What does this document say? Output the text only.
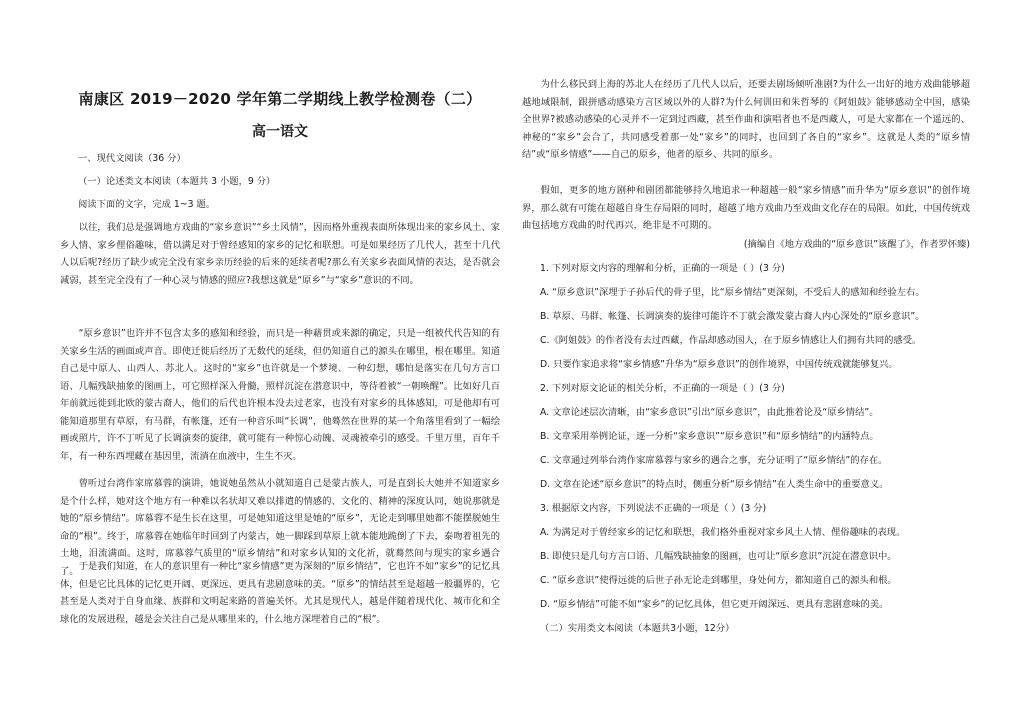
南康区 2019－2020 学年第二学期线上教学检测卷（二）
高一语文

一、现代文阅读（36 分）

（一）论述类文本阅读（本题共 3 小题，9 分）

阅读下面的文字，完成 1~3 题。

以往，我们总是强调地方戏曲的“家乡意识”“乡土风情”，因而格外重视表面所体现出来的家乡风土、家乡人情、家乡俚俗趣味，借以满足对于曾经感知的家乡的记忆和联想。可是如果经历了几代人，甚至十几代人以后呢?经历了缺少或完全没有家乡亲历经验的后来的延续者呢?那么有关家乡表面风情的表达，是否就会减弱，甚至完全没有了一种心灵与情感的照应?我想这就是“原乡”与“家乡”意识的不同。

“原乡意识”也许并不包含太多的感知和经验，而只是一种藉贯或来源的确定，只是一组被代代告知的有关家乡生活的画面或声音。即使迁徙后经历了无数代的延续，但仍知道自己的源头在哪里，根在哪里。知道自己是中原人、山西人、苏北人。这时的“家乡”也许就是一个梦境、一种幻想，哪怕是落实在几句方言口语、几幅残缺抽象的图画上，可它照样深入骨髓，照样沉淀在潜意识中，等待着被“一朝唤醒”。比如好几百年前就远徙到北欧的蒙古裔人，他们的后代也许根本没去过老家，也没有对家乡的具体感知，可是他却有可能知道那里有草原，有马群，有帐篷，还有一种音乐叫“长调”，他蓦然在世界的某一个角落里看到了一幅绘画或照片，许不丁听见了长调演奏的旋律，就可能有一种惊心动魄、灵魂被牵引的感受。千里万里，百年千年，有一种东西埋藏在基因里，流淌在血液中，生生不灭。

曾听过台湾作家席慕蓉的演讲，她说她虽然从小就知道自己是蒙古族人，可是直到长大她并不知道家乡是个什么样，她对这个地方有一种难以名状却又难以排遣的情感的、文化的、精神的深度认同，她说那就是她的“原乡情结”。席慕蓉不是生长在这里，可是她知道这里是她的“原乡”，无论走到哪里她都不能摆脱她生命的“根”。终于，席慕蓉在她临年时回到了内蒙古，她一脚踩到草原上就本能地跪倒了下去，泰吻着祖先的土地，泪流满面。这时，席慕蓉气质里的“原乡情结”和对家乡认知的文化祈，就蓦然间与现实的家乡遇合了。 于是我们知道，在人的意识里有一种比“家乡情感”更为深刻的“原乡情结”，它也许不如“家乡”的记忆具体，但是它比具体的记忆更开阔、更深远、更具有悲剧意味的美。“原乡”的情结甚至是超越一般疆界的，它甚至是人类对于自身血缘、族群和文明起来路的普遍关怀。尤其是现代人，越是伴随着现代化、城市化和全球化的发展进程，越是会关注自己是从哪里来的，什么地方深埋着自己的“根”。

为什么移民到上海的苏北人在经历了几代人以后，还要去剧场倾听准剧?为什么一出好的地方戏曲能够超越地域限制，跟拼感动感染方言区域以外的人群?为什么何训田和朱哲琴的《阿姐鼓》能够感动全中国，感染全世界?被感动感染的心灵并不一定到过西藏，甚至作曲和演唱者也不是西藏人，可是大家都在一个遥远的、神秘的“家乡”会合了，共同感受着那一处“家乡”的同时，也回到了各自的“家乡”。这就是人类的“原乡情结”或“原乡情感”——自己的原乡，他者的原乡、共同的原乡。

假如，更多的地方剧种和剧团都能够持久地追求一种超越一般“家乡情感”而升华为“原乡意识”的创作境界，那么就有可能在超越自身生存局限的同时，超越了地方戏曲乃至戏曲文化存在的局限。如此，中国传统戏曲包括地方戏曲的时代再兴，绝非是不可期的。

(摘编自《地方戏曲的“原乡意识”该醒了》，作者罗怀臻)

1. 下列对原文内容的理解和分析，正确的一项是（ ）(3 分)

A. “原乡意识”深埋于子孙后代的骨子里，比“原乡情结”更深刻，不受后人的感知和经验左右。

B. 草原、马群、帐篷、长调演奏的旋律可能许不丁就会激发蒙古裔人内心深处的“原乡意识”。

C.《阿姐鼓》的作者没有去过西藏，作品却感动国人，在于原乡情感让人们拥有共同的感受。

D. 只要作家追求将“家乡情感”升华为“原乡意识”的创作境界，中国传统戏就能够复兴。

2. 下列对原文论证的相关分析，不正确的一项是（ ）(3 分)

A. 文章论述层次清晰，由“家乡意识”引出“原乡意识”，由此推着论及“原乡情结”。

B. 文章采用举例论证，逐一分析“家乡意识”“原乡意识”和“原乡情结”的内涵特点。

C. 文章通过列举台湾作家席慕蓉与家乡的遇合之事，充分证明了“原乡情结”的存在。

D. 文章在论述“原乡意识”的特点时，侧重分析“原乡情结”在人类生命中的重要意义。

3. 根据原文内容，下列说法不正确的一项是（ ）(3 分)

A. 为满足对于曾经家乡的记忆和联想，我们格外重视对家乡风土人情、俚俗趣味的表现。

B. 即使只是几句方言口语、几幅残缺抽象的图画，也可让“原乡意识”沉淀在潜意识中。

C. “原乡意识”使得远徙的后世子孙无论走到哪里，身处何方，都知道自己的源头和根。

D. “原乡情结”可能不如“家乡”的记忆具体，但它更开阔深远、更具有悲剧意味的美。

（二）实用类文本阅读（本题共3小题，12分）
